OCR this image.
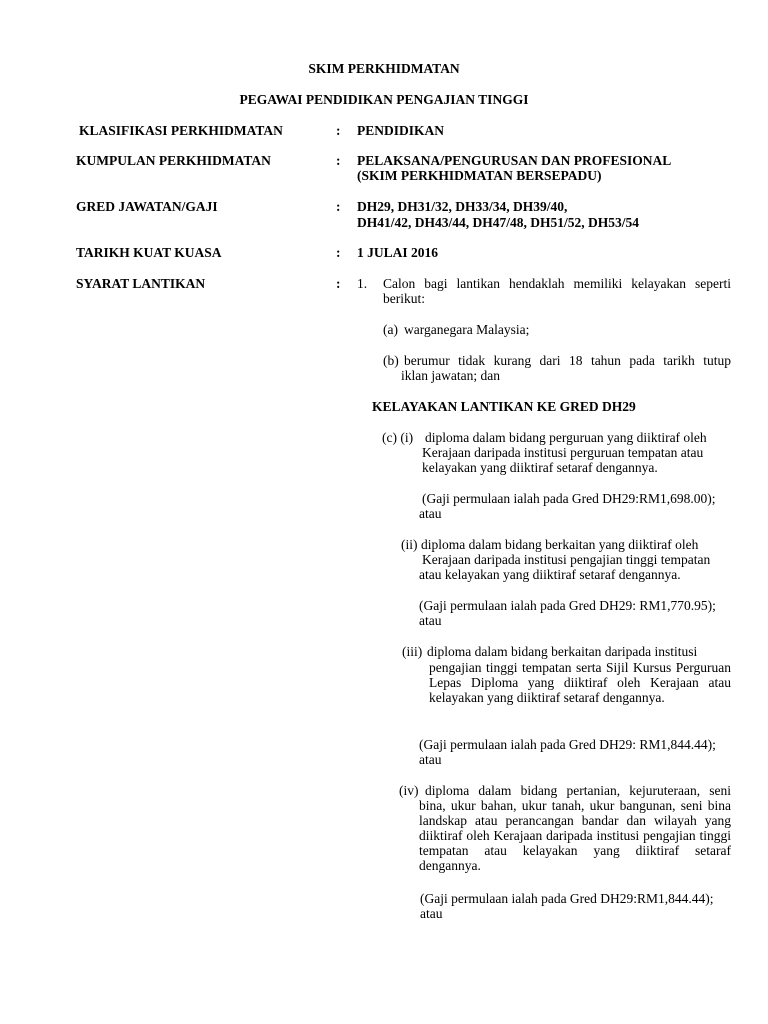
SKIM PERKHIDMATAN
PEGAWAI PENDIDIKAN PENGAJIAN TINGGI
KLASIFIKASI PERKHIDMATAN	: PENDIDIKAN
KUMPULAN PERKHIDMATAN	: PELAKSANA/PENGURUSAN DAN PROFESIONAL
(SKIM PERKHIDMATAN BERSEPADU)
GRED JAWATAN/GAJI	: DH29, DH31/32, DH33/34, DH39/40,
DH41/42, DH43/44, DH47/48, DH51/52, DH53/54
TARIKH KUAT KUASA	: 1 JULAI 2016
SYARAT LANTIKAN	: 1. Calon bagi lantikan hendaklah memiliki kelayakan seperti berikut:
(a) warganegara Malaysia;
(b) berumur tidak kurang dari 18 tahun pada tarikh tutup
iklan jawatan; dan
KELAYAKAN LANTIKAN KE GRED DH29
(c) (i) diploma dalam bidang perguruan yang diiktiraf oleh
Kerajaan daripada institusi perguruan tempatan atau
kelayakan yang diiktiraf setaraf dengannya.
(Gaji permulaan ialah pada Gred DH29:RM1,698.00);
atau
(ii) diploma dalam bidang berkaitan yang diiktiraf oleh
Kerajaan daripada institusi pengajian tinggi tempatan
atau kelayakan yang diiktiraf setaraf dengannya.
(Gaji permulaan ialah pada Gred DH29: RM1,770.95);
atau
(iii) diploma dalam bidang berkaitan daripada institusi
pengajian tinggi tempatan serta Sijil Kursus Perguruan Lepas Diploma yang diiktiraf oleh Kerajaan atau kelayakan yang diiktiraf setaraf dengannya.
(Gaji permulaan ialah pada Gred DH29: RM1,844.44);
atau
(iv) diploma dalam bidang pertanian, kejuruteraan, seni bina, ukur bahan, ukur tanah, ukur bangunan, seni bina landskap atau perancangan bandar dan wilayah yang diiktiraf oleh Kerajaan daripada institusi pengajian tinggi tempatan atau kelayakan yang diiktiraf setaraf dengannya.
(Gaji permulaan ialah pada Gred DH29:RM1,844.44);
atau
